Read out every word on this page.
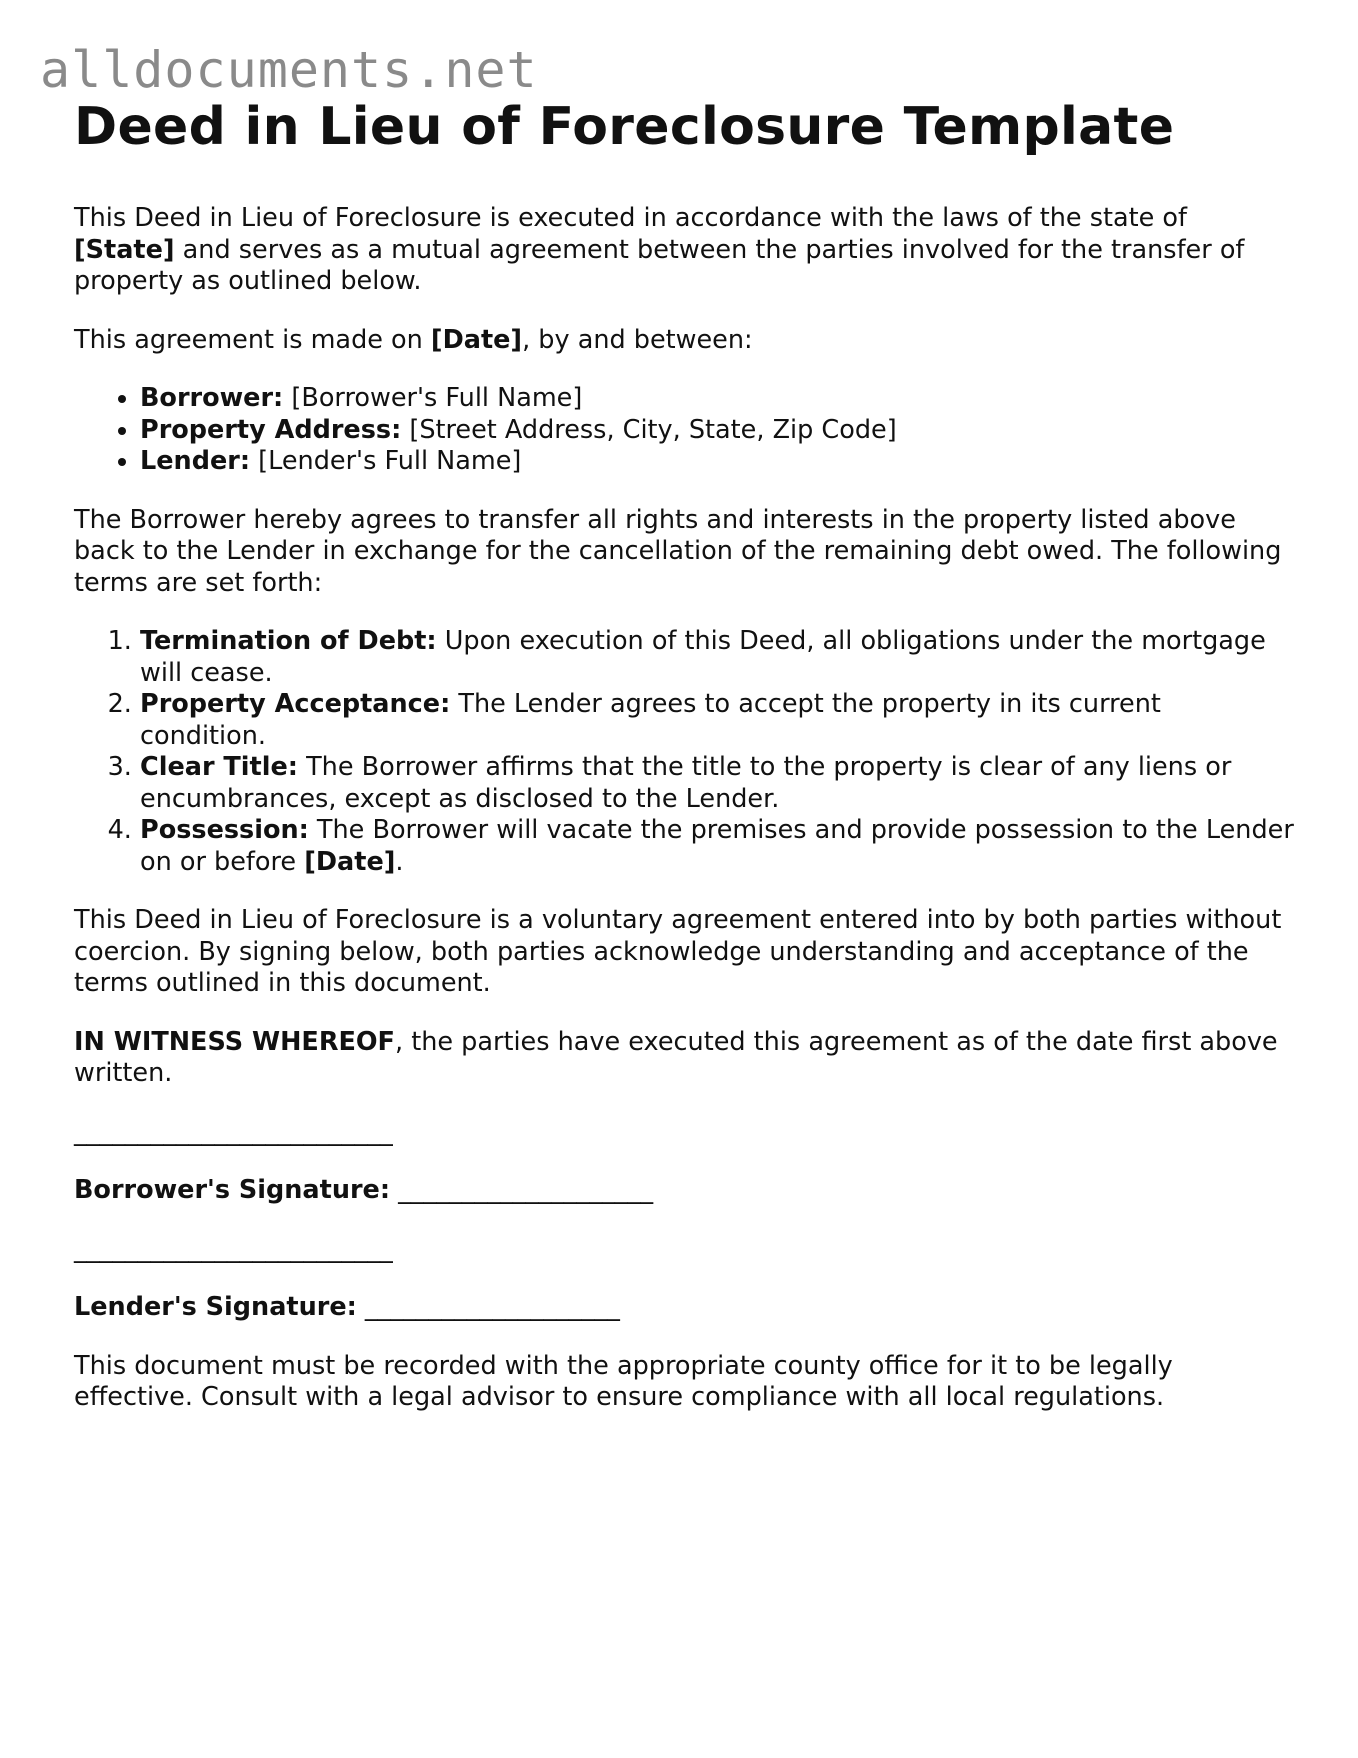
alldocuments.net
Deed in Lieu of Foreclosure Template

This Deed in Lieu of Foreclosure is executed in accordance with the laws of the state of [State] and serves as a mutual agreement between the parties involved for the transfer of property as outlined below.

This agreement is made on [Date], by and between:

• Borrower: [Borrower's Full Name]
• Property Address: [Street Address, City, State, Zip Code]
• Lender: [Lender's Full Name]

The Borrower hereby agrees to transfer all rights and interests in the property listed above back to the Lender in exchange for the cancellation of the remaining debt owed. The following terms are set forth:

1. Termination of Debt: Upon execution of this Deed, all obligations under the mortgage will cease.
2. Property Acceptance: The Lender agrees to accept the property in its current condition.
3. Clear Title: The Borrower affirms that the title to the property is clear of any liens or encumbrances, except as disclosed to the Lender.
4. Possession: The Borrower will vacate the premises and provide possession to the Lender on or before [Date].

This Deed in Lieu of Foreclosure is a voluntary agreement entered into by both parties without coercion. By signing below, both parties acknowledge understanding and acceptance of the terms outlined in this document.

IN WITNESS WHEREOF, the parties have executed this agreement as of the date first above written.

_________________________

Borrower's Signature: ____________________

_________________________

Lender's Signature: ____________________

This document must be recorded with the appropriate county office for it to be legally effective. Consult with a legal advisor to ensure compliance with all local regulations.
